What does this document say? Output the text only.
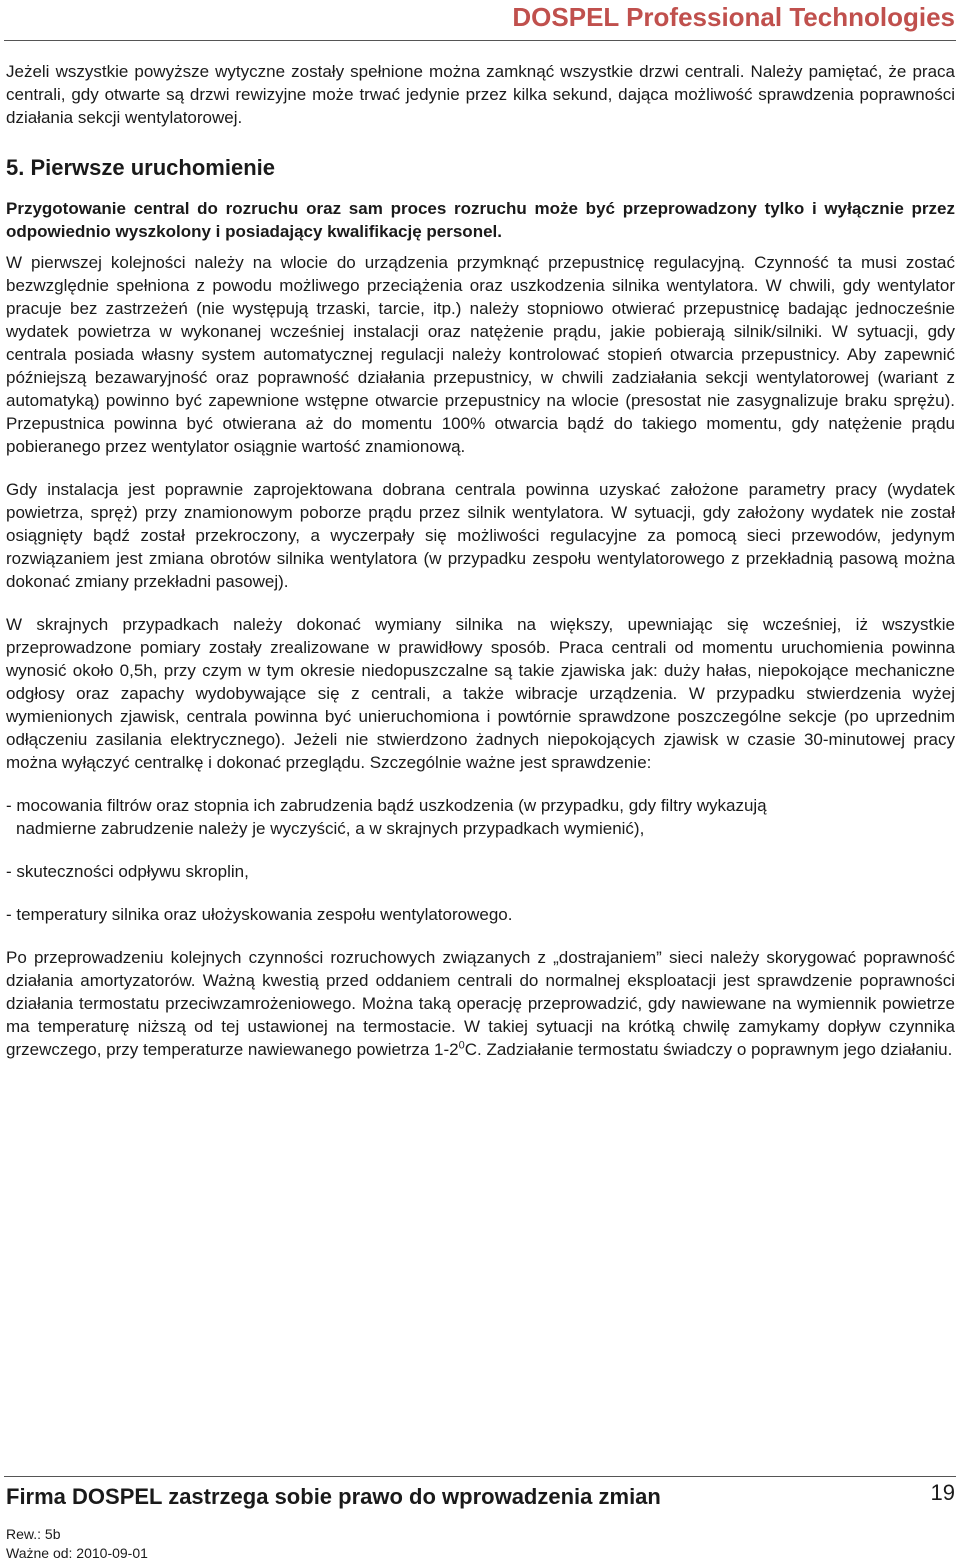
DOSPEL Professional Technologies

Jeżeli wszystkie powyższe wytyczne zostały spełnione można zamknąć wszystkie drzwi centrali. Należy pamiętać, że praca centrali, gdy otwarte są drzwi rewizyjne może trwać jedynie przez kilka sekund, dająca możliwość sprawdzenia poprawności działania sekcji wentylatorowej.

5. Pierwsze uruchomienie

Przygotowanie central do rozruchu oraz sam proces rozruchu może być przeprowadzony tylko i wyłącznie przez odpowiednio wyszkolony i posiadający kwalifikację personel.

W pierwszej kolejności należy na wlocie do urządzenia przymknąć przepustnicę regulacyjną. Czynność ta musi zostać bezwzględnie spełniona z powodu możliwego przeciążenia oraz uszkodzenia silnika wentylatora. W chwili, gdy wentylator pracuje bez zastrzeżeń (nie występują trzaski, tarcie, itp.) należy stopniowo otwierać przepustnicę badając jednocześnie wydatek powietrza w wykonanej wcześniej instalacji oraz natężenie prądu, jakie pobierają silnik/silniki. W sytuacji, gdy centrala posiada własny system automatycznej regulacji należy kontrolować stopień otwarcia przepustnicy. Aby zapewnić późniejszą bezawaryjność oraz poprawność działania przepustnicy, w chwili zadziałania sekcji wentylatorowej (wariant z automatyką) powinno być zapewnione wstępne otwarcie przepustnicy na wlocie (presostat nie zasygnalizuje braku sprężu). Przepustnica powinna być otwierana aż do momentu 100% otwarcia bądź do takiego momentu, gdy natężenie prądu pobieranego przez wentylator osiągnie wartość znamionową.

Gdy instalacja jest poprawnie zaprojektowana dobrana centrala powinna uzyskać założone parametry pracy (wydatek powietrza, spręż) przy znamionowym poborze prądu przez silnik wentylatora. W sytuacji, gdy założony wydatek nie został osiągnięty bądź został przekroczony, a wyczerpały się możliwości regulacyjne za pomocą sieci przewodów, jedynym rozwiązaniem jest zmiana obrotów silnika wentylatora (w przypadku zespołu wentylatorowego z przekładnią pasową można dokonać zmiany przekładni pasowej).

W skrajnych przypadkach należy dokonać wymiany silnika na większy, upewniając się wcześniej, iż wszystkie przeprowadzone pomiary zostały zrealizowane w prawidłowy sposób. Praca centrali od momentu uruchomienia powinna wynosić około 0,5h, przy czym w tym okresie niedopuszczalne są takie zjawiska jak: duży hałas, niepokojące mechaniczne odgłosy oraz zapachy wydobywające się z centrali, a także wibracje urządzenia. W przypadku stwierdzenia wyżej wymienionych zjawisk, centrala powinna być unieruchomiona i powtórnie sprawdzone poszczególne sekcje (po uprzednim odłączeniu zasilania elektrycznego). Jeżeli nie stwierdzono żadnych niepokojących zjawisk w czasie 30-minutowej pracy można wyłączyć centralkę i dokonać przeglądu. Szczególnie ważne jest sprawdzenie:

- mocowania filtrów oraz stopnia ich zabrudzenia bądź uszkodzenia (w przypadku, gdy filtry wykazują
nadmierne zabrudzenie należy je wyczyścić, a w skrajnych przypadkach wymienić),

- skuteczności odpływu skroplin,

- temperatury silnika oraz ułożyskowania zespołu wentylatorowego.

Po przeprowadzeniu kolejnych czynności rozruchowych związanych z „dostrajaniem” sieci należy skorygować poprawność działania amortyzatorów. Ważną kwestią przed oddaniem centrali do normalnej eksploatacji jest sprawdzenie poprawności działania termostatu przeciwzamrożeniowego. Można taką operację przeprowadzić, gdy nawiewane na wymiennik powietrze ma temperaturę niższą od tej ustawionej na termostacie. W takiej sytuacji na krótką chwilę zamykamy dopływ czynnika grzewczego, przy temperaturze nawiewanego powietrza $1-2^0C$. Zadziałanie termostatu świadczy o poprawnym jego działaniu.

Firma DOSPEL zastrzega sobie prawo do wprowadzenia zmian	19
Rew.: 5b
Ważne od: 2010-09-01
